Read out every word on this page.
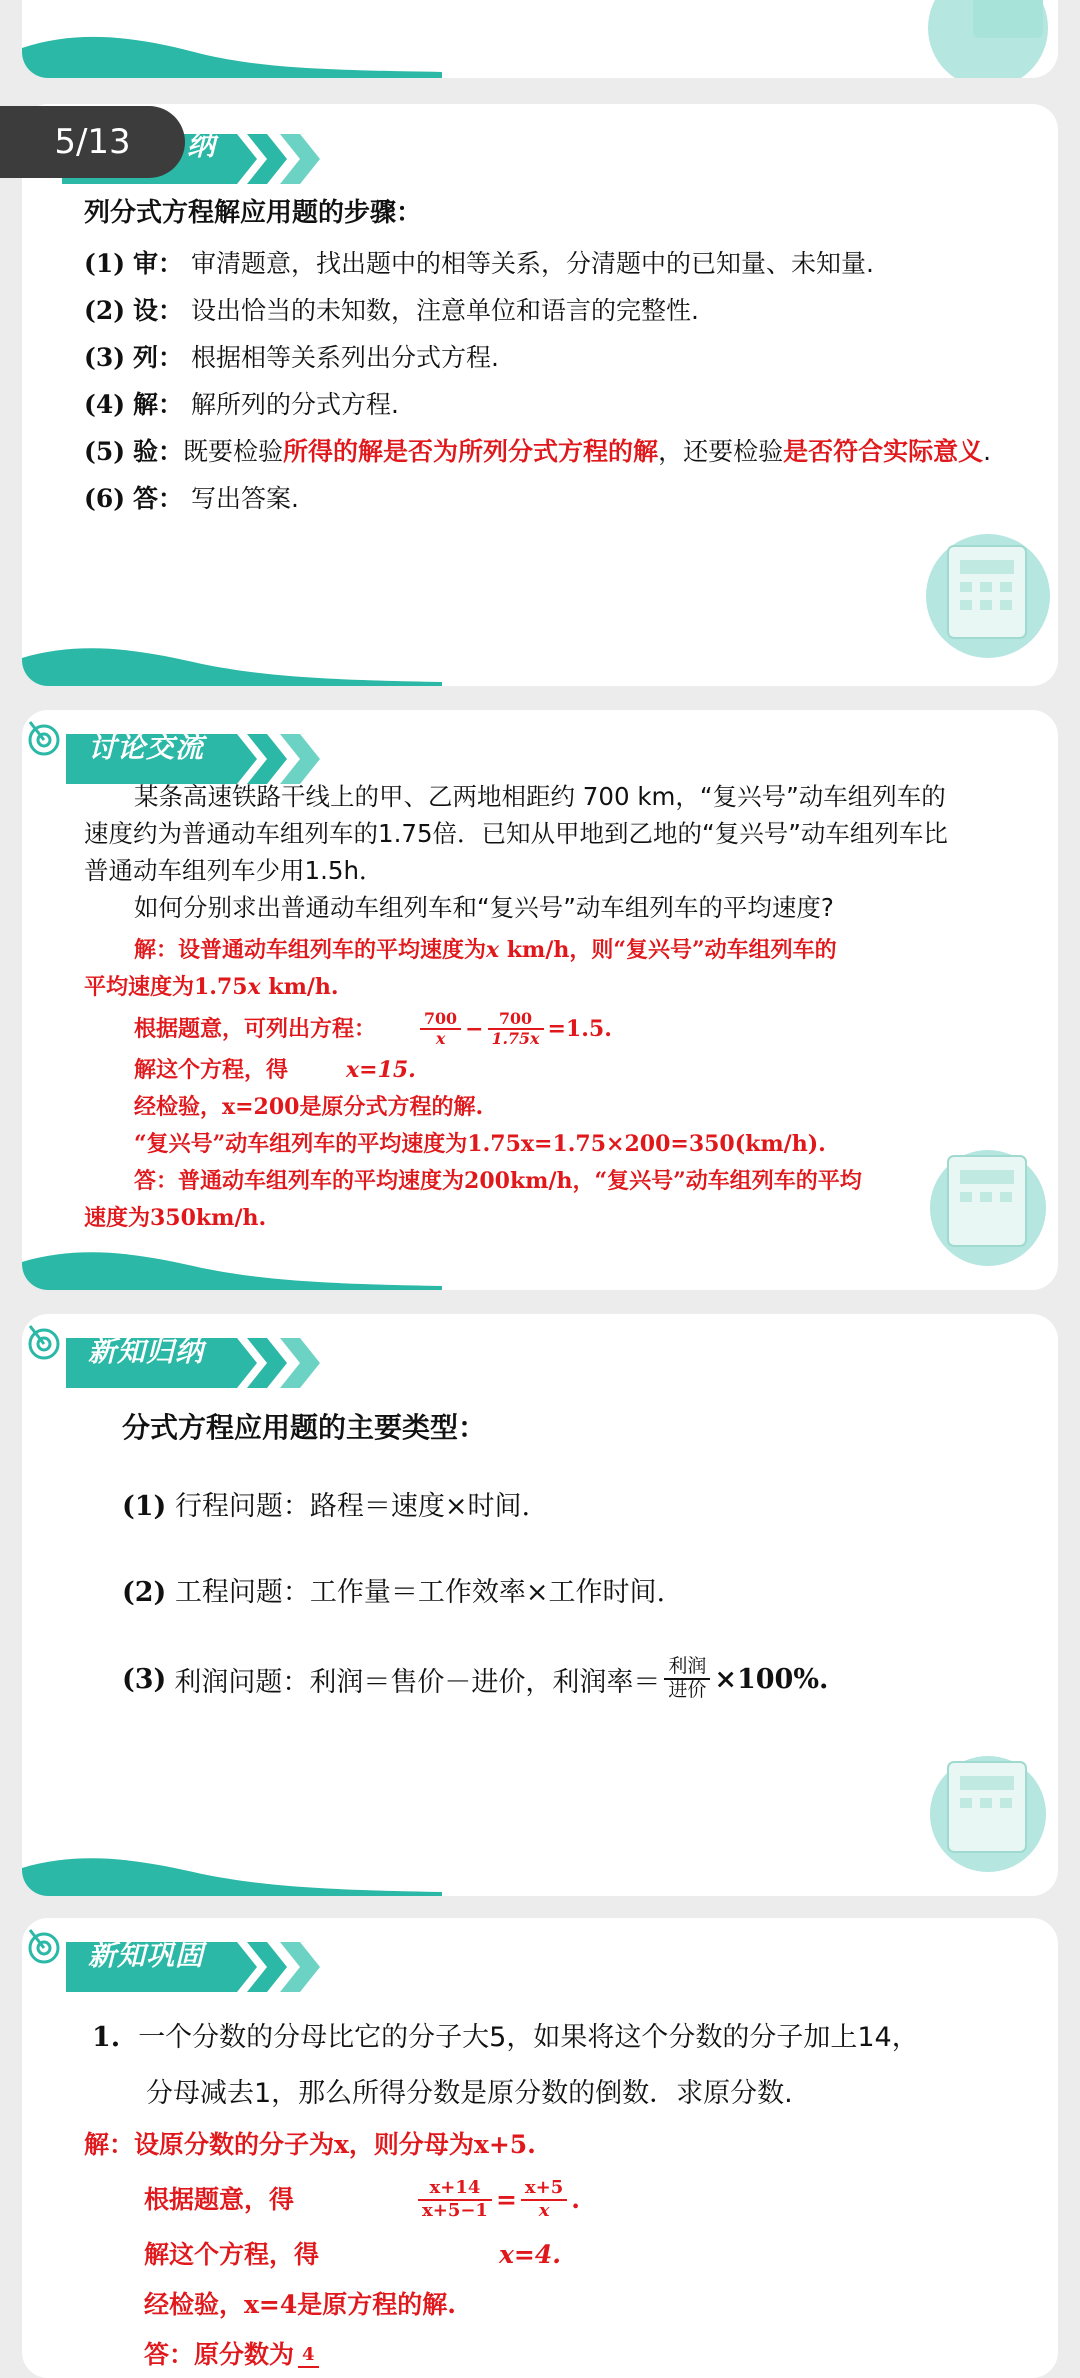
5/13	纳
列分式方程解应用题的步骤：
(1) 审： 审清题意，找出题中的相等关系，分清题中的已知量、未知量.
(2) 设： 设出恰当的未知数，注意单位和语言的完整性.
(3) 列： 根据相等关系列出分式方程.
(4) 解： 解所列的分式方程.
(5) 验：既要检验所得的解是否为所列分式方程的解，还要检验是否符合实际意义.
(6) 答： 写出答案.
讨论交流
某条高速铁路干线上的甲、乙两地相距约 700 km，“复兴号”动车组列车的
速度约为普通动车组列车的1.75倍．已知从甲地到乙地的“复兴号”动车组列车比
普通动车组列车少用1.5h．
如何分别求出普通动车组列车和“复兴号”动车组列车的平均速度?
解：设普通动车组列车的平均速度为x km/h，则“复兴号”动车组列车的
平均速度为1.75x km/h.
根据题意，可列出方程：	$\frac{700}{x} - \frac{700}{1.75x} =1.5$.
解这个方程，得	x=15.
经检验，x=200是原分式方程的解.
“复兴号”动车组列车的平均速度为1.75x=1.75×200=350(km/h).
答：普通动车组列车的平均速度为200km/h，“复兴号”动车组列车的平均
速度为350km/h.
新知归纳
分式方程应用题的主要类型：
(1) 行程问题：路程＝速度×时间.
(2) 工程问题：工作量＝工作效率×工作时间.
(3) 利润问题：利润＝售价－进价，利润率＝ $\frac{\text{利润}}{\text{进价}} \times 100\%$.
新知巩固
1. 一个分数的分母比它的分子大5，如果将这个分数的分子加上14，
分母减去1，那么所得分数是原分数的倒数．求原分数.
解：设原分数的分子为x，则分母为x+5.
根据题意，得	$\frac{x+14}{x+5-1} = \frac{x+5}{x}$ .
解这个方程，得	x=4.
经检验，x=4是原方程的解.
答：原分数为 4
